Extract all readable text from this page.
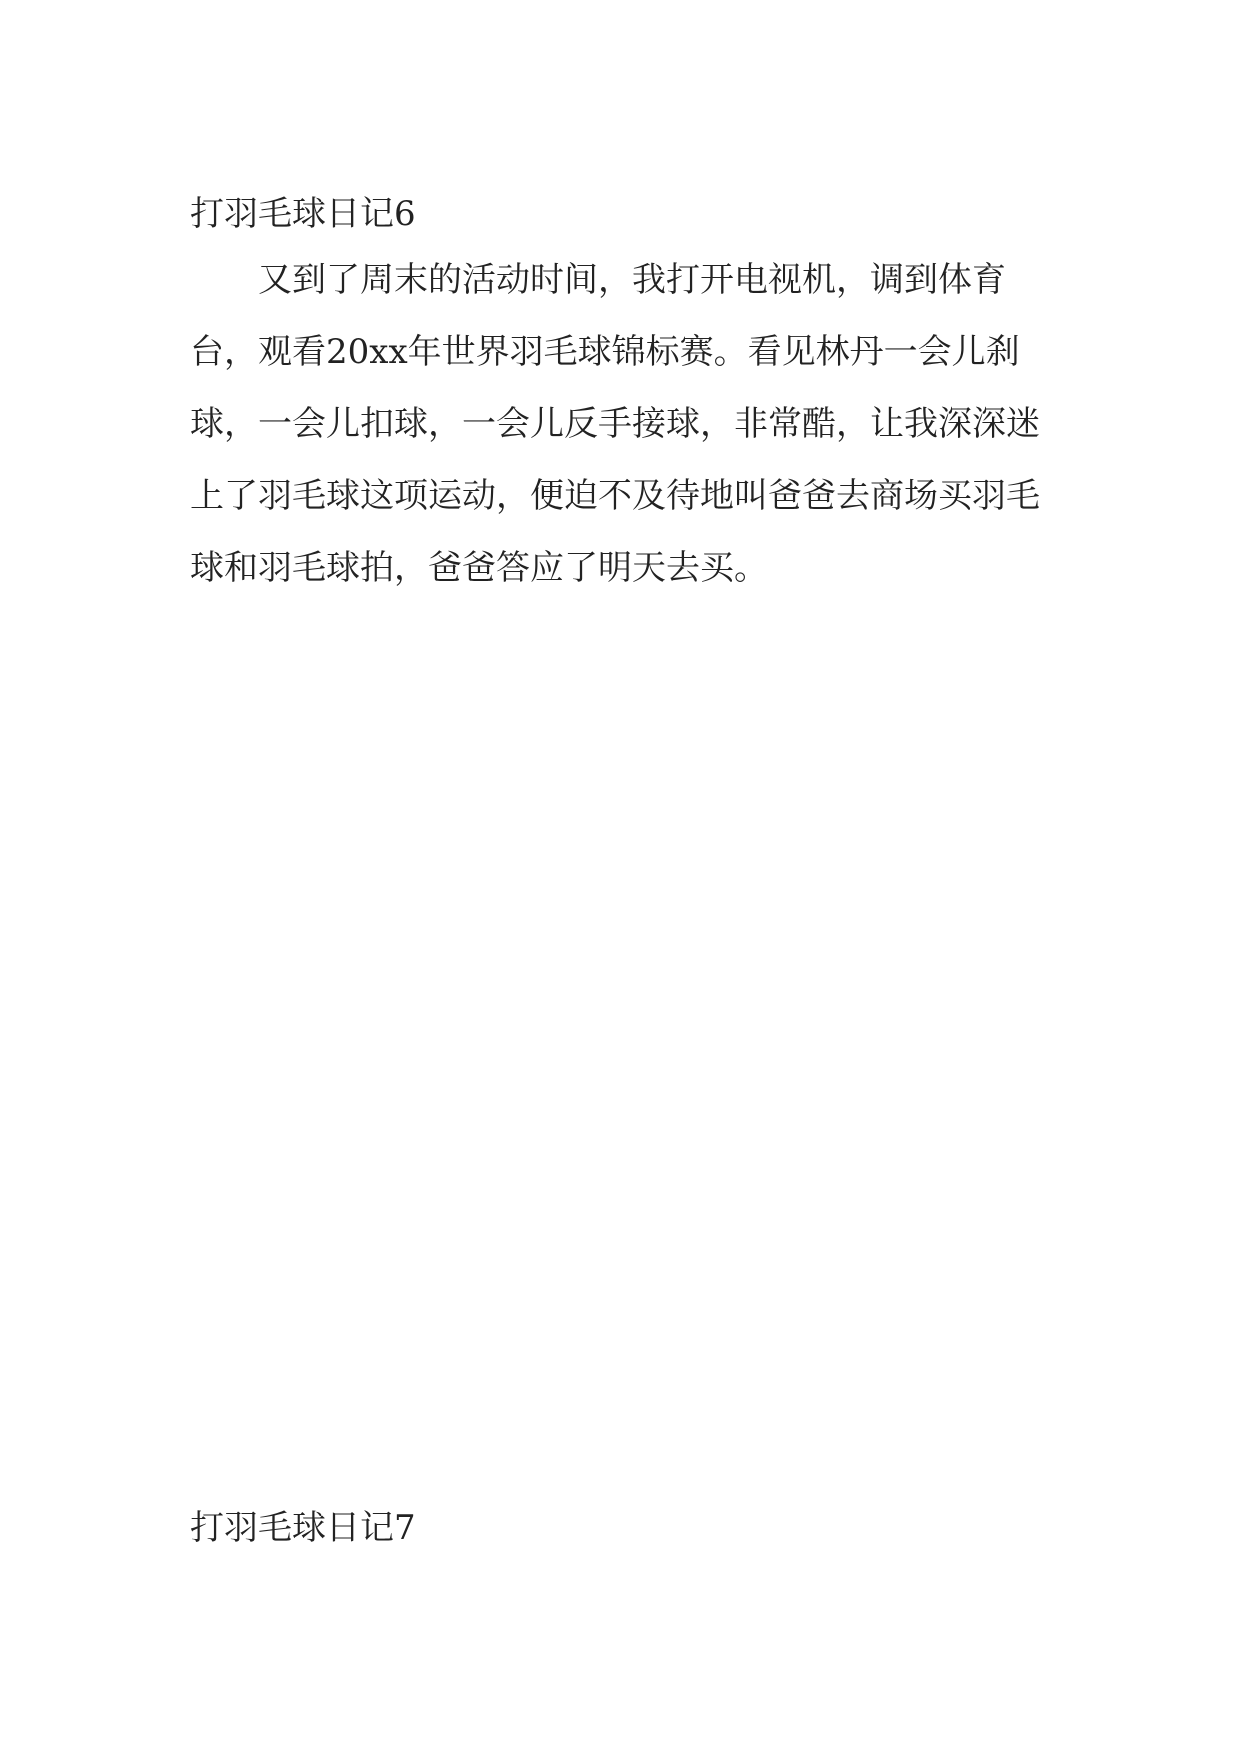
打羽毛球日记6

又到了周末的活动时间，我打开电视机，调到体育台，观看20xx年世界羽毛球锦标赛。看见林丹一会儿刹球，一会儿扣球，一会儿反手接球，非常酷，让我深深迷上了羽毛球这项运动，便迫不及待地叫爸爸去商场买羽毛球和羽毛球拍，爸爸答应了明天去买。

打羽毛球日记7
